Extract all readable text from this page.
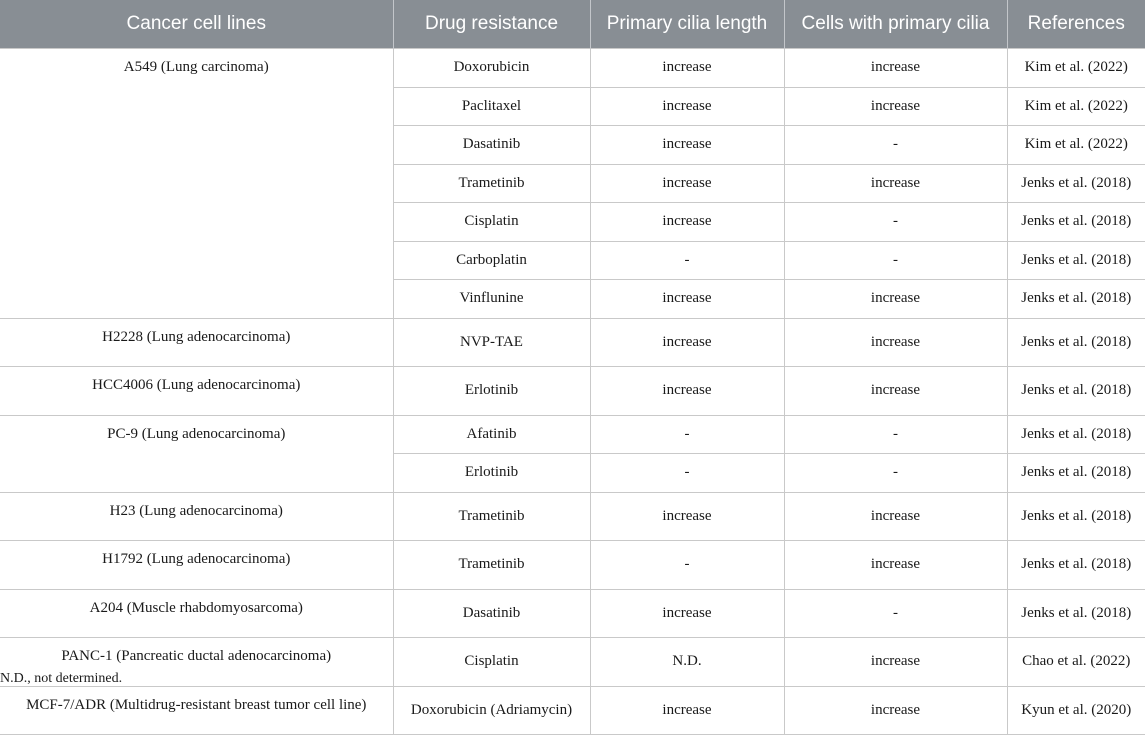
Cancer cell lines	Drug resistance	Primary cilia length	Cells with primary cilia	References
A549 (Lung carcinoma)	Doxorubicin	increase	increase	Kim et al. (2022)
	Paclitaxel	increase	increase	Kim et al. (2022)
	Dasatinib	increase	-	Kim et al. (2022)
	Trametinib	increase	increase	Jenks et al. (2018)
	Cisplatin	increase	-	Jenks et al. (2018)
	Carboplatin	-	-	Jenks et al. (2018)
	Vinflunine	increase	increase	Jenks et al. (2018)
H2228 (Lung adenocarcinoma)	NVP-TAE	increase	increase	Jenks et al. (2018)
HCC4006 (Lung adenocarcinoma)	Erlotinib	increase	increase	Jenks et al. (2018)
PC-9 (Lung adenocarcinoma)	Afatinib	-	-	Jenks et al. (2018)
	Erlotinib	-	-	Jenks et al. (2018)
H23 (Lung adenocarcinoma)	Trametinib	increase	increase	Jenks et al. (2018)
H1792 (Lung adenocarcinoma)	Trametinib	-	increase	Jenks et al. (2018)
A204 (Muscle rhabdomyosarcoma)	Dasatinib	increase	-	Jenks et al. (2018)
PANC-1 (Pancreatic ductal adenocarcinoma)	Cisplatin	N.D.	increase	Chao et al. (2022)
MCF-7/ADR (Multidrug-resistant breast tumor cell line)	Doxorubicin (Adriamycin)	increase	increase	Kyun et al. (2020)

N.D., not determined.
